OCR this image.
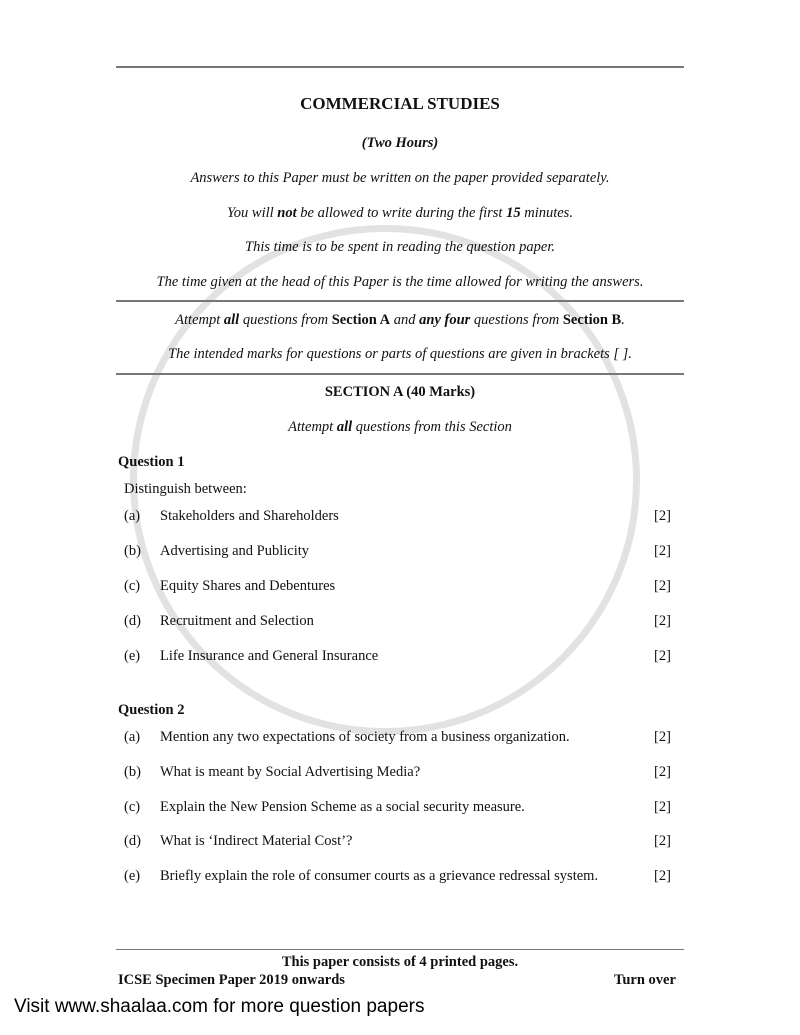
COMMERCIAL STUDIES
(Two Hours)
Answers to this Paper must be written on the paper provided separately.
You will not be allowed to write during the first 15 minutes.
This time is to be spent in reading the question paper.
The time given at the head of this Paper is the time allowed for writing the answers.
Attempt all questions from Section A and any four questions from Section B.
The intended marks for questions or parts of questions are given in brackets [ ].
SECTION A (40 Marks)
Attempt all questions from this Section
Question 1
Distinguish between:
(a) Stakeholders and Shareholders	[2]
(b) Advertising and Publicity	[2]
(c) Equity Shares and Debentures	[2]
(d) Recruitment and Selection	[2]
(e) Life Insurance and General Insurance	[2]
Question 2
(a) Mention any two expectations of society from a business organization.	[2]
(b) What is meant by Social Advertising Media?	[2]
(c) Explain the New Pension Scheme as a social security measure.	[2]
(d) What is ‘Indirect Material Cost’?	[2]
(e) Briefly explain the role of consumer courts as a grievance redressal system.	[2]
This paper consists of 4 printed pages.
ICSE Specimen Paper 2019 onwards	Turn over
Visit www.shaalaa.com for more question papers
